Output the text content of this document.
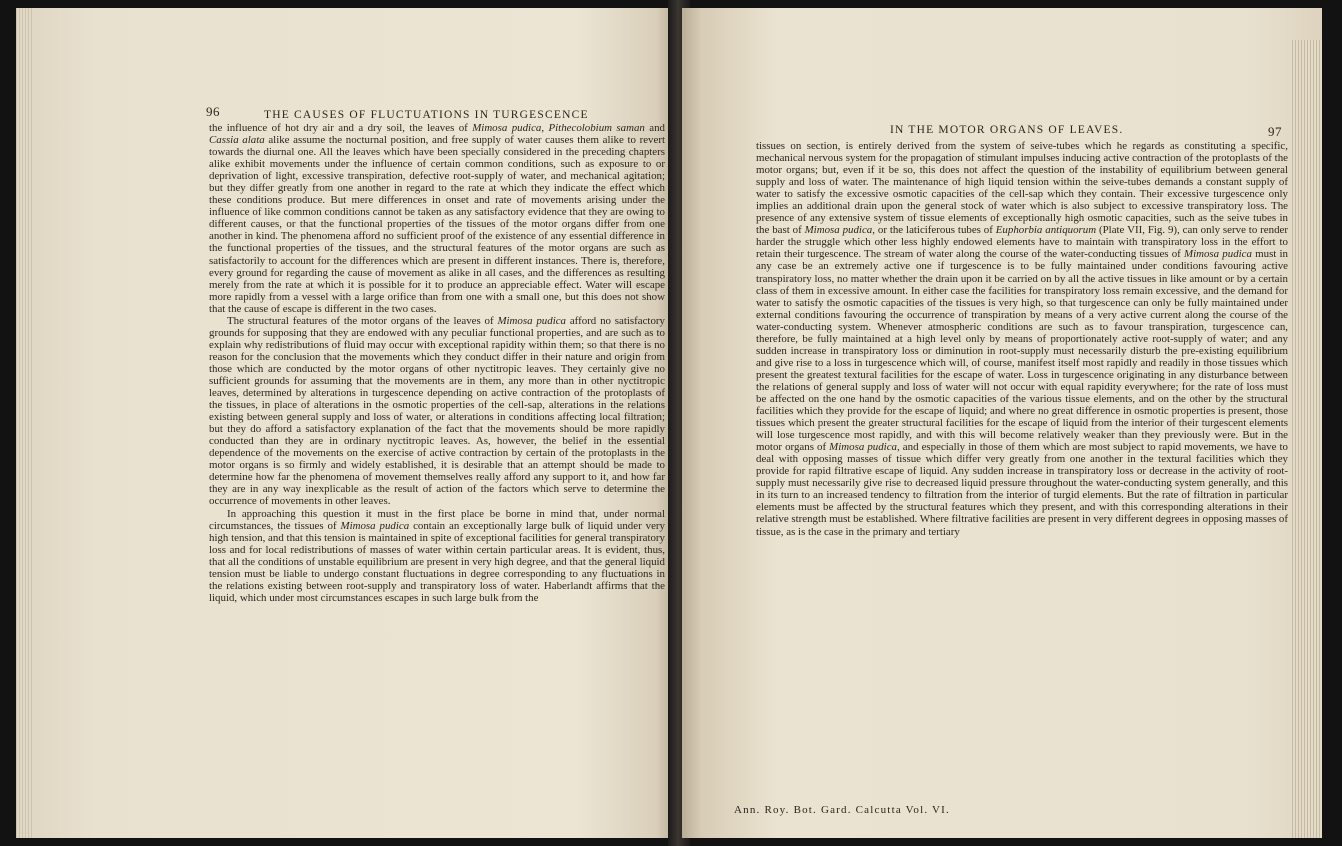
96	THE CAUSES OF FLUCTUATIONS IN TURGESCENCE

the influence of hot dry air and a dry soil, the leaves of Mimosa pudica, Pithecolobium saman and Cassia alata alike assume the nocturnal position, and free supply of water causes them alike to revert towards the diurnal one. All the leaves which have been specially considered in the preceding chapters alike exhibit movements under the influence of certain common conditions, such as exposure to or deprivation of light, excessive transpiration, defective root-supply of water, and mechanical agitation; but they differ greatly from one another in regard to the rate at which they indicate the effect which these conditions produce. But mere differences in onset and rate of movements arising under the influence of like common conditions cannot be taken as any satisfactory evidence that they are owing to different causes, or that the functional properties of the tissues of the motor organs differ from one another in kind. The phenomena afford no sufficient proof of the existence of any essential difference in the functional properties of the tissues, and the structural features of the motor organs are such as satisfactorily to account for the differences which are present in different instances. There is, therefore, every ground for regarding the cause of movement as alike in all cases, and the differences as resulting merely from the rate at which it is possible for it to produce an appreciable effect. Water will escape more rapidly from a vessel with a large orifice than from one with a small one, but this does not show that the cause of escape is different in the two cases.

The structural features of the motor organs of the leaves of Mimosa pudica afford no satisfactory grounds for supposing that they are endowed with any peculiar functional properties, and are such as to explain why redistributions of fluid may occur with exceptional rapidity within them; so that there is no reason for the conclusion that the movements which they conduct differ in their nature and origin from those which are conducted by the motor organs of other nyctitropic leaves. They certainly give no sufficient grounds for assuming that the movements are in them, any more than in other nyctitropic leaves, determined by alterations in turgescence depending on active contraction of the protoplasts of the tissues, in place of alterations in the osmotic properties of the cell-sap, alterations in the relations existing between general supply and loss of water, or alterations in conditions affecting local filtration; but they do afford a satisfactory explanation of the fact that the movements should be more rapidly conducted than they are in ordinary nyctitropic leaves. As, however, the belief in the essential dependence of the movements on the exercise of active contraction by certain of the protoplasts in the motor organs is so firmly and widely established, it is desirable that an attempt should be made to determine how far the phenomena of movement themselves really afford any support to it, and how far they are in any way inexplicable as the result of action of the factors which serve to determine the occurrence of movements in other leaves.

In approaching this question it must in the first place be borne in mind that, under normal circumstances, the tissues of Mimosa pudica contain an exceptionally large bulk of liquid under very high tension, and that this tension is maintained in spite of exceptional facilities for general transpiratory loss and for local redistributions of masses of water within certain particular areas. It is evident, thus, that all the conditions of unstable equilibrium are present in very high degree, and that the general liquid tension must be liable to undergo constant fluctuations in degree corresponding to any fluctuations in the relations existing between root-supply and transpiratory loss of water. Haberlandt affirms that the liquid, which under most circumstances escapes in such large bulk from the

IN THE MOTOR ORGANS OF LEAVES.	97

tissues on section, is entirely derived from the system of seive-tubes which he regards as constituting a specific, mechanical nervous system for the propagation of stimulant impulses inducing active contraction of the protoplasts of the motor organs; but, even if it be so, this does not affect the question of the instability of equilibrium between general supply and loss of water. The maintenance of high liquid tension within the seive-tubes demands a constant supply of water to satisfy the excessive osmotic capacities of the cell-sap which they contain. Their excessive turgescence only implies an additional drain upon the general stock of water which is also subject to excessive transpiratory loss. The presence of any extensive system of tissue elements of exceptionally high osmotic capacities, such as the seive tubes in the bast of Mimosa pudica, or the laticiferous tubes of Euphorbia antiquorum (Plate VII, Fig. 9), can only serve to render harder the struggle which other less highly endowed elements have to maintain with transpiratory loss in the effort to retain their turgescence. The stream of water along the course of the water-conducting tissues of Mimosa pudica must in any case be an extremely active one if turgescence is to be fully maintained under conditions favouring active transpiratory loss, no matter whether the drain upon it be carried on by all the active tissues in like amount or by a certain class of them in excessive amount. In either case the facilities for transpiratory loss remain excessive, and the demand for water to satisfy the osmotic capacities of the tissues is very high, so that turgescence can only be fully maintained under external conditions favouring the occurrence of transpiration by means of a very active current along the course of the water-conducting system. Whenever atmospheric conditions are such as to favour transpiration, turgescence can, therefore, be fully maintained at a high level only by means of proportionately active root-supply of water; and any sudden increase in transpiratory loss or diminution in root-supply must necessarily disturb the pre-existing equilibrium and give rise to a loss in turgescence which will, of course, manifest itself most rapidly and readily in those tissues which present the greatest textural facilities for the escape of water. Loss in turgescence originating in any disturbance between the relations of general supply and loss of water will not occur with equal rapidity everywhere; for the rate of loss must be affected on the one hand by the osmotic capacities of the various tissue elements, and on the other by the structural facilities which they provide for the escape of liquid; and where no great difference in osmotic properties is present, those tissues which present the greater structural facilities for the escape of liquid from the interior of their turgescent elements will lose turgescence most rapidly, and with this will become relatively weaker than they previously were. But in the motor organs of Mimosa pudica, and especially in those of them which are most subject to rapid movements, we have to deal with opposing masses of tissue which differ very greatly from one another in the textural facilities which they provide for rapid filtrative escape of liquid. Any sudden increase in transpiratory loss or decrease in the activity of root-supply must necessarily give rise to decreased liquid pressure throughout the water-conducting system generally, and this in its turn to an increased tendency to filtration from the interior of turgid elements. But the rate of filtration in particular elements must be affected by the structural features which they present, and with this corresponding alterations in their relative strength must be established. Where filtrative facilities are present in very different degrees in opposing masses of tissue, as is the case in the primary and tertiary

Ann. Roy. Bot. Gard. Calcutta Vol. VI.
